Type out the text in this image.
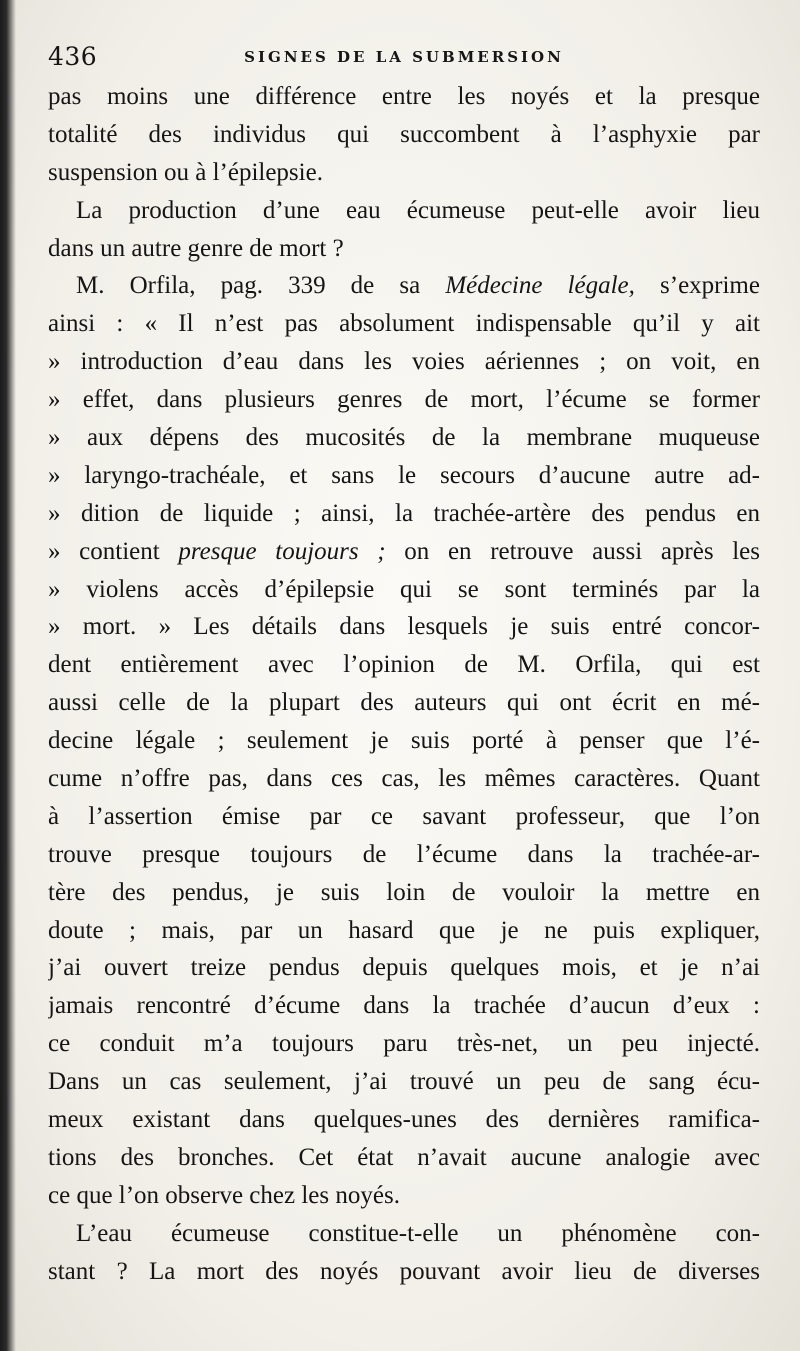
436	SIGNES DE LA SUBMERSION
pas moins une différence entre les noyés et la presque
totalité des individus qui succombent à l’asphyxie par
suspension ou à l’épilepsie.
La production d’une eau écumeuse peut-elle avoir lieu
dans un autre genre de mort ?
M. Orfila, pag. 339 de sa Médecine légale, s’exprime
ainsi : « Il n’est pas absolument indispensable qu’il y ait
» introduction d’eau dans les voies aériennes ; on voit, en
» effet, dans plusieurs genres de mort, l’écume se former
» aux dépens des mucosités de la membrane muqueuse
» laryngo-trachéale, et sans le secours d’aucune autre ad-
» dition de liquide ; ainsi, la trachée-artère des pendus en
» contient presque toujours ; on en retrouve aussi après les
» violens accès d’épilepsie qui se sont terminés par la
» mort. » Les détails dans lesquels je suis entré concor-
dent entièrement avec l’opinion de M. Orfila, qui est
aussi celle de la plupart des auteurs qui ont écrit en mé-
decine légale ; seulement je suis porté à penser que l’é-
cume n’offre pas, dans ces cas, les mêmes caractères. Quant
à l’assertion émise par ce savant professeur, que l’on
trouve presque toujours de l’écume dans la trachée-ar-
tère des pendus, je suis loin de vouloir la mettre en
doute ; mais, par un hasard que je ne puis expliquer,
j’ai ouvert treize pendus depuis quelques mois, et je n’ai
jamais rencontré d’écume dans la trachée d’aucun d’eux :
ce conduit m’a toujours paru très-net, un peu injecté.
Dans un cas seulement, j’ai trouvé un peu de sang écu-
meux existant dans quelques-unes des dernières ramifica-
tions des bronches. Cet état n’avait aucune analogie avec
ce que l’on observe chez les noyés.
L’eau écumeuse constitue-t-elle un phénomène con-
stant ? La mort des noyés pouvant avoir lieu de diverses
